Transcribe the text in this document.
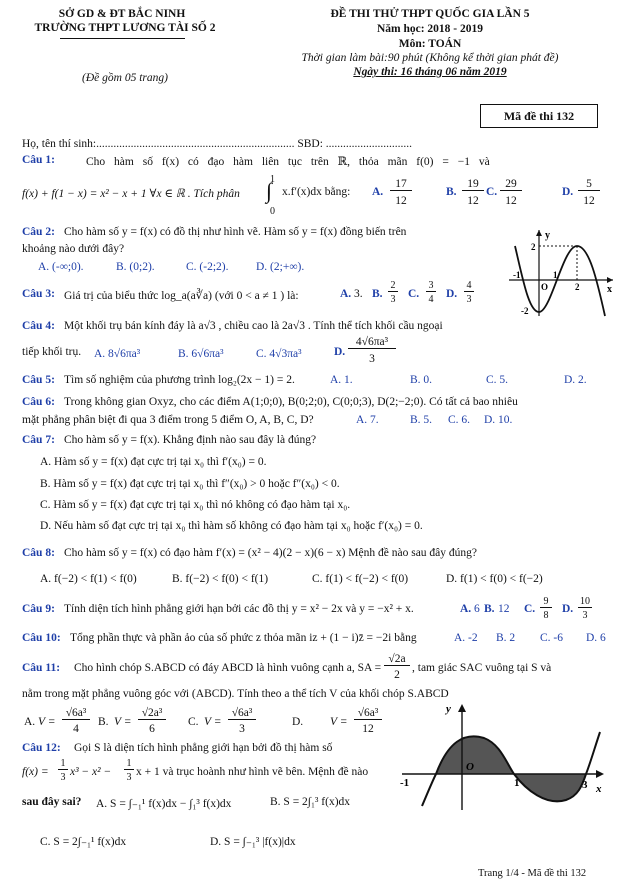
SỞ GD & ĐT BẮC NINH
TRƯỜNG THPT LƯƠNG TÀI SỐ 2
(Đề gồm 05 trang)
ĐỀ THI THỬ THPT QUỐC GIA LẦN 5
Năm học: 2018 - 2019
Môn: TOÁN
Thời gian làm bài:90 phút (Không kể thời gian phát đề)
Ngày thi: 16 tháng 06 năm 2019
Mã đề thi 132
Họ, tên thí sinh:..................................................................... SBD: ..............................
Câu 1:	Cho hàm số f(x) có đạo hàm liên tục trên ℝ, thỏa mãn f(0) = −1 và
f(x) + f(1 − x) = x² − x + 1 ∀x ∈ ℝ . Tích phân
1
∫
0
x.f′(x)dx bằng: A.
17
12
B.
19
12
C.
29
12
D.
5
12
Câu 2: Cho hàm số y = f(x) có đồ thị như hình vẽ. Hàm số y = f(x) đồng biến trên
khoảng nào dưới đây?
A. (-∞;0).	B. (0;2).	C. (-2;2). D. (2;+∞).
y
x
2
-2
-1
O
1
2
Câu 3: Giá trị của biểu thức log_a(a∛a) (với 0 < a ≠ 1 ) là:	A. 3. B.
2
3 C.
3
4 D.
4
3
Câu 4: Một khối trụ bán kính đáy là a√3 , chiều cao là 2a√3 . Tính thể tích khối cầu ngoại
tiếp khối trụ. A. 8√6πa³	B. 6√6πa³	C. 4√3πa³	D.
4√6πa³
3
Câu 5: Tìm số nghiệm của phương trình log₂(2x − 1) = 2.	A. 1.	B. 0.	C. 5.	D. 2.
Câu 6: Trong không gian Oxyz, cho các điểm A(1;0;0), B(0;2;0), C(0;0;3), D(2;−2;0). Có tất cả bao nhiêu
mặt phẳng phân biệt đi qua 3 điểm trong 5 điểm O, A, B, C, D?	A. 7.	B. 5. C. 6. D. 10.
Câu 7: Cho hàm số y = f(x). Khẳng định nào sau đây là đúng?
A. Hàm số y = f(x) đạt cực trị tại x₀ thì f′(x₀) = 0.
B. Hàm số y = f(x) đạt cực trị tại x₀ thì f″(x₀) > 0 hoặc f″(x₀) < 0.
C. Hàm số y = f(x) đạt cực trị tại x₀ thì nó không có đạo hàm tại x₀.
D. Nếu hàm số đạt cực trị tại x₀ thì hàm số không có đạo hàm tại x₀ hoặc f′(x₀) = 0.
Câu 8: Cho hàm số y = f(x) có đạo hàm f′(x) = (x² − 4)(2 − x)(6 − x) Mệnh đề nào sau đây đúng?
A. f(−2) < f(1) < f(0)	B. f(−2) < f(0) < f(1)	C. f(1) < f(−2) < f(0)	D. f(1) < f(0) < f(−2)
Câu 9: Tính diện tích hình phẳng giới hạn bởi các đồ thị y = x² − 2x và y = −x² + x.	A. 6 B. 12 C.
9
8
D.
10
3
Câu 10: Tổng phần thực và phần ảo của số phức z thỏa mãn iz + (1 − i)z̄ = −2i bằng	A. -2 B. 2 C. -6 D. 6
Câu 11: Cho hình chóp S.ABCD có đáy ABCD là hình vuông cạnh a, SA =
√2a
2
, tam giác SAC vuông tại S và
nằm trong mặt phẳng vuông góc với (ABCD). Tính theo a thể tích V của khối chóp S.ABCD
A. V =
√6a³
4
B. V =
√2a³
6
C. V =
√6a³
3
D. V =
√6a³
12
Câu 12: Gọi S là diện tích hình phẳng giới hạn bởi đồ thị hàm số
f(x) =
1
3 x³ − x² −
1
3 x + 1 và trục hoành như hình vẽ bên. Mệnh đề nào
sau đây sai? A. S = ∫₋₁¹ f(x)dx − ∫₁³ f(x)dx	B. S = 2∫₁³ f(x)dx
C. S = 2∫₋₁¹ f(x)dx	D. S = ∫₋₁³ |f(x)|dx
y
x
-1
O
1	3
Trang 1/4 - Mã đề thi 132
